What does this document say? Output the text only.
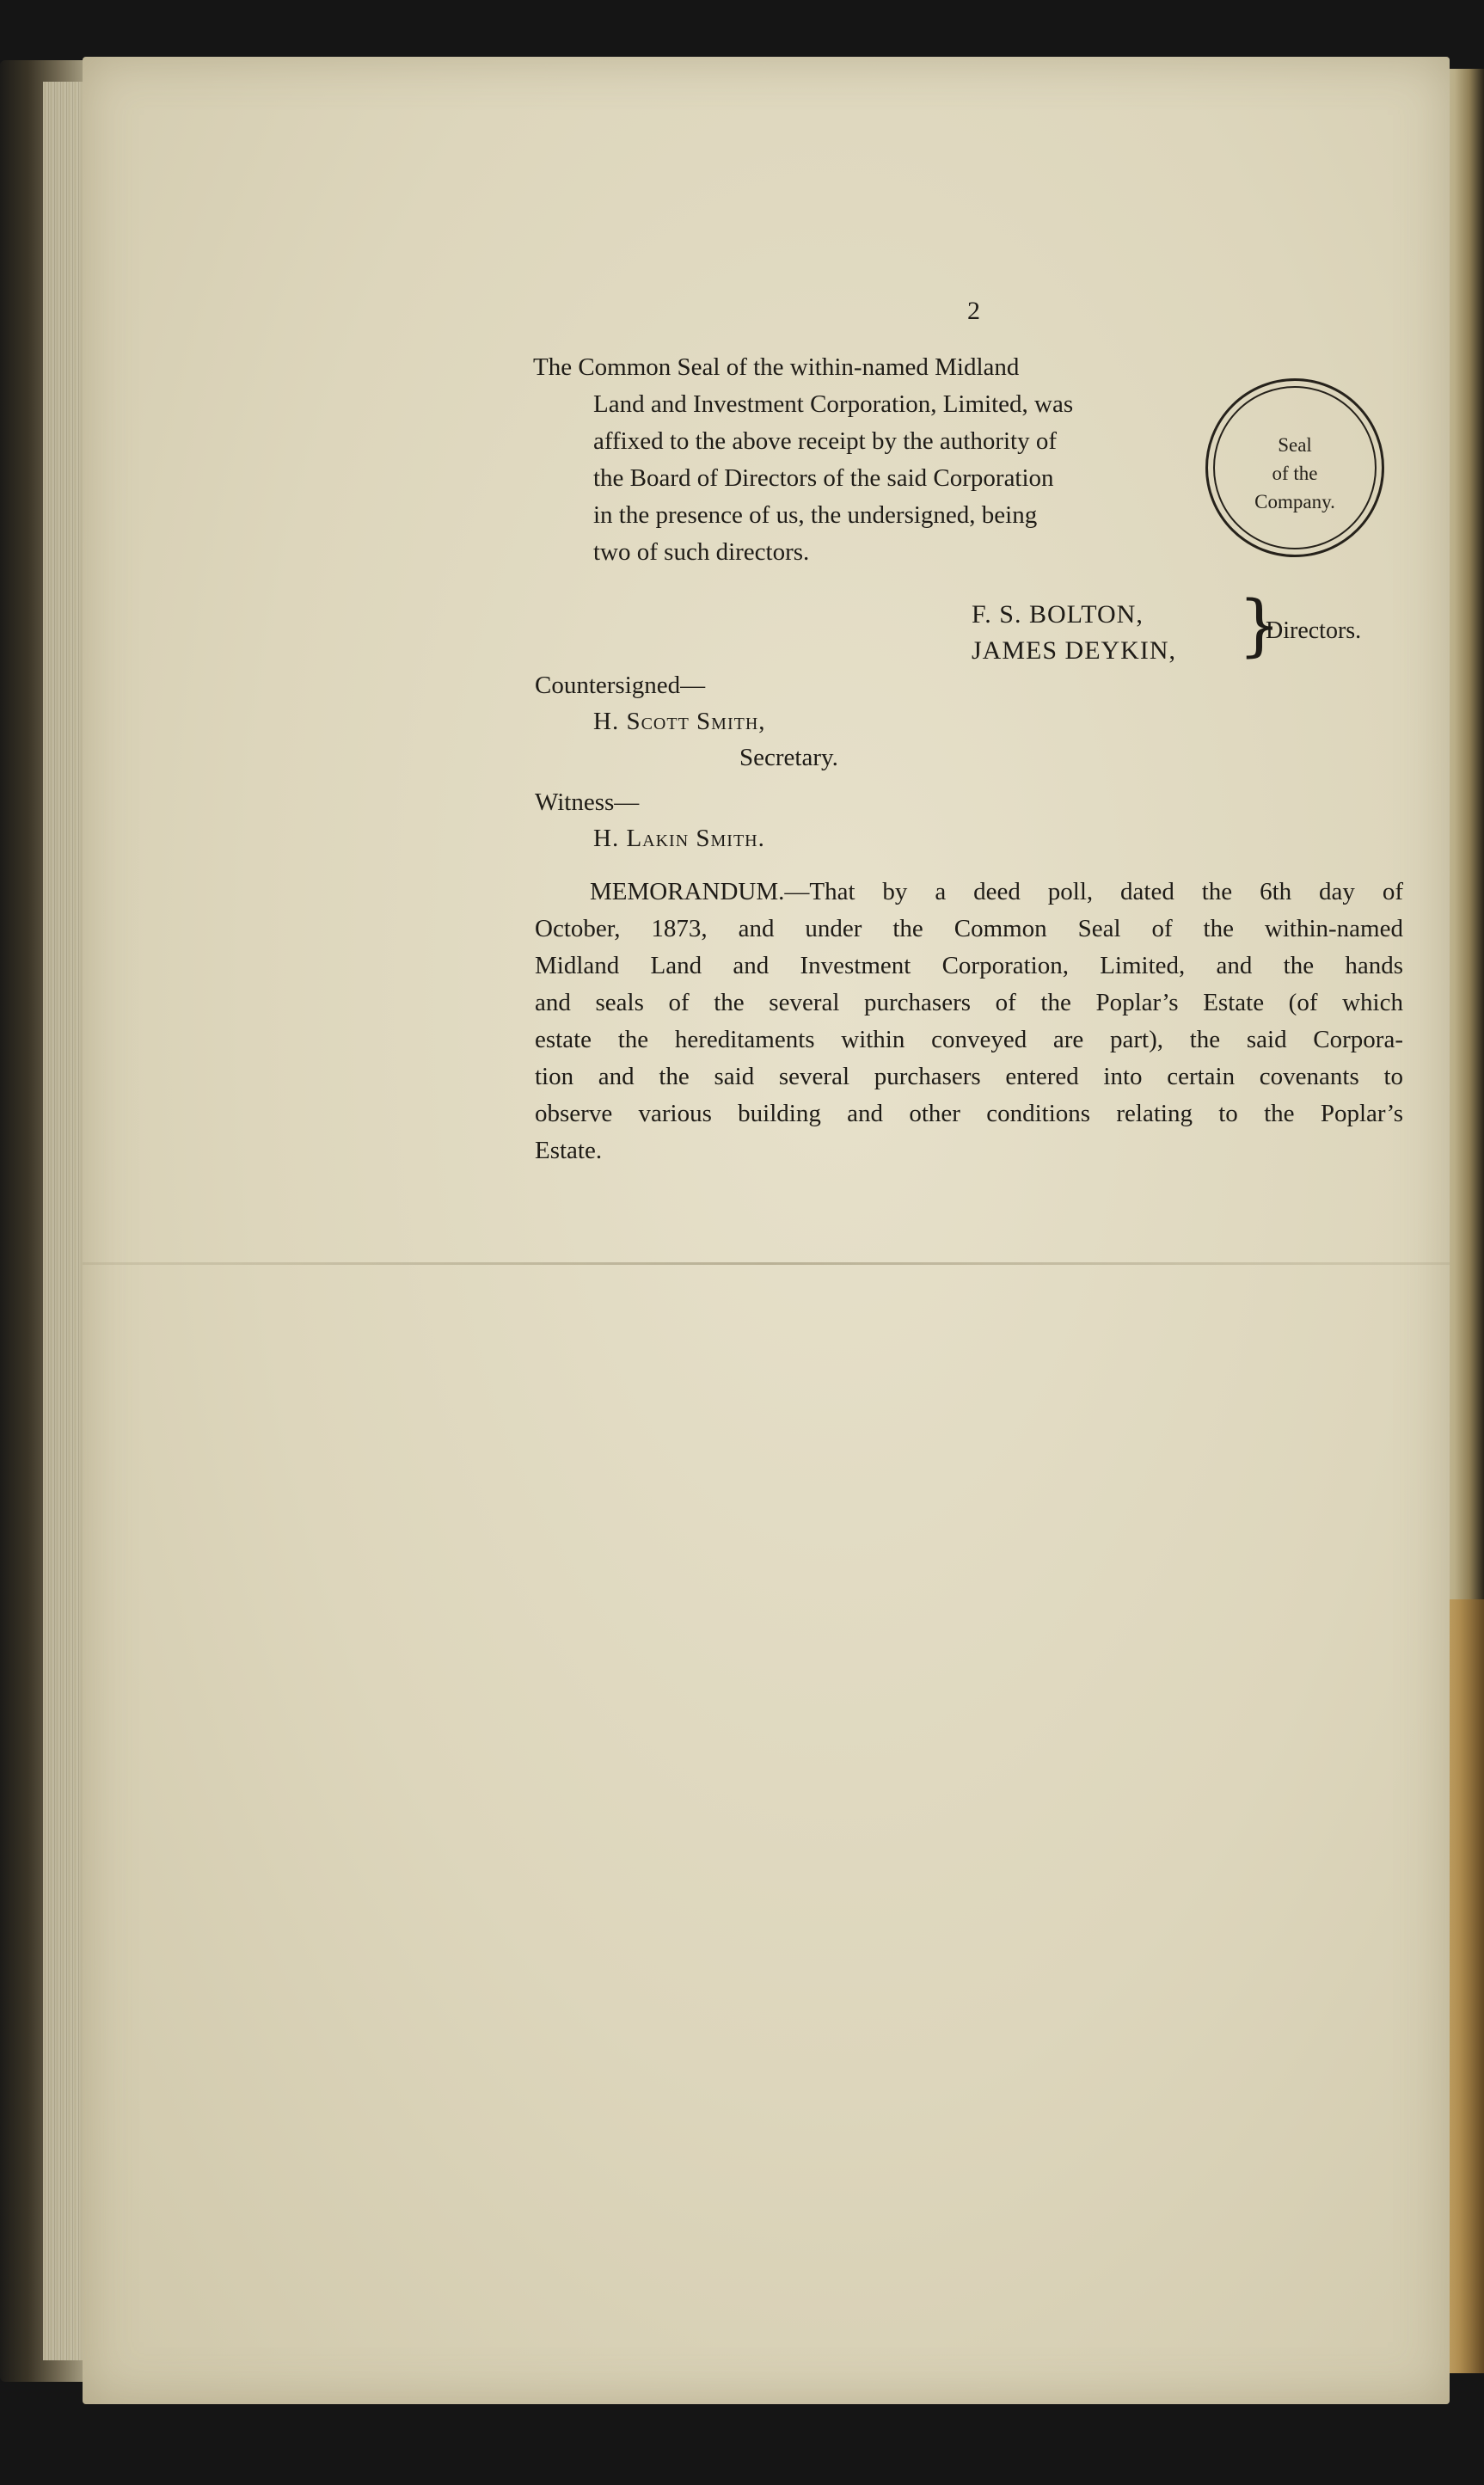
2
The Common Seal of the within-named Midland
Land and Investment Corporation, Limited, was
affixed to the above receipt by the authority of
the Board of Directors of the said Corporation
in the presence of us, the undersigned, being
two of such directors.
Seal
of the
Company.
F. S. BOLTON,
JAMES DEYKIN, }
Directors.
Countersigned—
H. Scott Smith,
Secretary.
Witness—
H. Lakin Smith.
MEMORANDUM.—That by a deed poll, dated the 6th day of
October, 1873, and under the Common Seal of the within-named
Midland Land and Investment Corporation, Limited, and the hands
and seals of the several purchasers of the Poplar’s Estate (of which
estate the hereditaments within conveyed are part), the said Corpora-
tion and the said several purchasers entered into certain covenants to
observe various building and other conditions relating to the Poplar’s
Estate.
